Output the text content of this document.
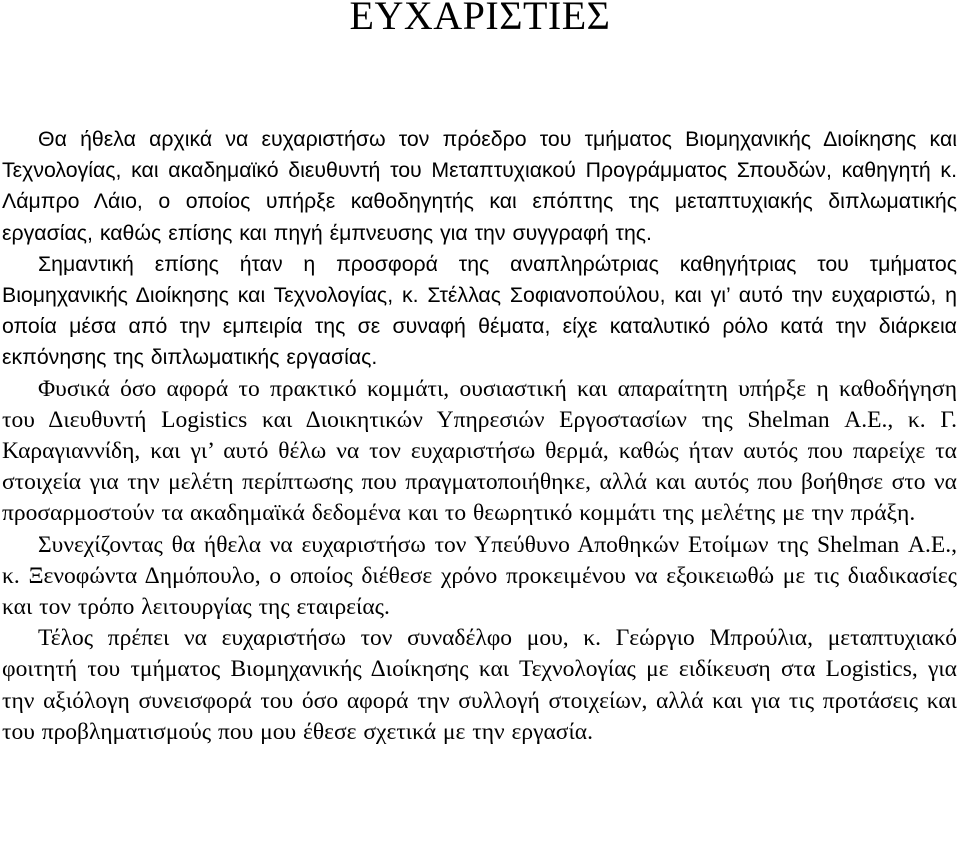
ΕΥΧΑΡΙΣΤΙΕΣ

Θα ήθελα αρχικά να ευχαριστήσω τον πρόεδρο του τμήματος Βιομηχανικής Διοίκησης και Τεχνολογίας, και ακαδημαϊκό διευθυντή του Μεταπτυχιακού Προγράμματος Σπουδών, καθηγητή κ. Λάμπρο Λάιο, ο οποίος υπήρξε καθοδηγητής και επόπτης της μεταπτυχιακής διπλωματικής εργασίας, καθώς επίσης και πηγή έμπνευσης για την συγγραφή της.

Σημαντική επίσης ήταν η προσφορά της αναπληρώτριας καθηγήτριας του τμήματος Βιομηχανικής Διοίκησης και Τεχνολογίας, κ. Στέλλας Σοφιανοπούλου, και γι’ αυτό την ευχαριστώ, η οποία μέσα από την εμπειρία της σε συναφή θέματα, είχε καταλυτικό ρόλο κατά την διάρκεια εκπόνησης της διπλωματικής εργασίας.

Φυσικά όσο αφορά το πρακτικό κομμάτι, ουσιαστική και απαραίτητη υπήρξε η καθοδήγηση του Διευθυντή Logistics και Διοικητικών Υπηρεσιών Εργοστασίων της Shelman Α.Ε., κ. Γ. Καραγιαννίδη, και γι’ αυτό θέλω να τον ευχαριστήσω θερμά, καθώς ήταν αυτός που παρείχε τα στοιχεία για την μελέτη περίπτωσης που πραγματοποιήθηκε, αλλά και αυτός που βοήθησε στο να προσαρμοστούν τα ακαδημαϊκά δεδομένα και το θεωρητικό κομμάτι της μελέτης με την πράξη.

Συνεχίζοντας θα ήθελα να ευχαριστήσω τον Υπεύθυνο Αποθηκών Ετοίμων της Shelman Α.Ε., κ. Ξενοφώντα Δημόπουλο, ο οποίος διέθεσε χρόνο προκειμένου να εξοικειωθώ με τις διαδικασίες και τον τρόπο λειτουργίας της εταιρείας.

Τέλος πρέπει να ευχαριστήσω τον συναδέλφο μου, κ. Γεώργιο Μπρούλια, μεταπτυχιακό φοιτητή του τμήματος Βιομηχανικής Διοίκησης και Τεχνολογίας με ειδίκευση στα Logistics, για την αξιόλογη συνεισφορά του όσο αφορά την συλλογή στοιχείων, αλλά και για τις προτάσεις και του προβληματισμούς που μου έθεσε σχετικά με την εργασία.
